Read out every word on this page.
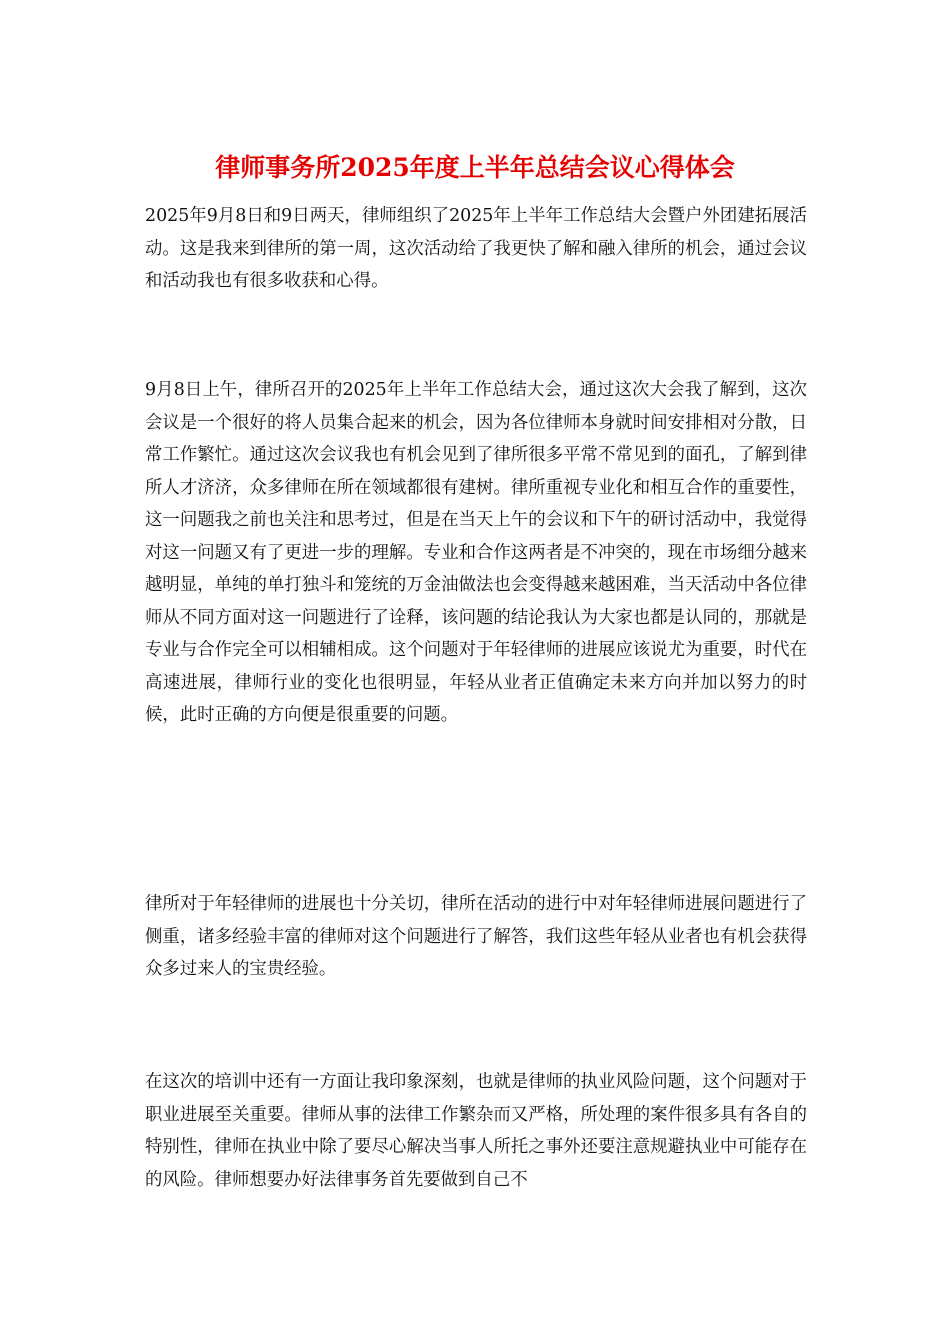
律师事务所2025年度上半年总结会议心得体会

2025年9月8日和9日两天，律师组织了2025年上半年工作总结大会暨户外团建拓展活动。这是我来到律所的第一周，这次活动给了我更快了解和融入律所的机会，通过会议和活动我也有很多收获和心得。

9月8日上午，律所召开的2025年上半年工作总结大会，通过这次大会我了解到，这次会议是一个很好的将人员集合起来的机会，因为各位律师本身就时间安排相对分散，日常工作繁忙。通过这次会议我也有机会见到了律所很多平常不常见到的面孔，了解到律所人才济济，众多律师在所在领域都很有建树。律所重视专业化和相互合作的重要性，这一问题我之前也关注和思考过，但是在当天上午的会议和下午的研讨活动中，我觉得对这一问题又有了更进一步的理解。专业和合作这两者是不冲突的，现在市场细分越来越明显，单纯的单打独斗和笼统的万金油做法也会变得越来越困难，当天活动中各位律师从不同方面对这一问题进行了诠释，该问题的结论我认为大家也都是认同的，那就是专业与合作完全可以相辅相成。这个问题对于年轻律师的进展应该说尤为重要，时代在高速进展，律师行业的变化也很明显，年轻从业者正值确定未来方向并加以努力的时候，此时正确的方向便是很重要的问题。

律所对于年轻律师的进展也十分关切，律所在活动的进行中对年轻律师进展问题进行了侧重，诸多经验丰富的律师对这个问题进行了解答，我们这些年轻从业者也有机会获得众多过来人的宝贵经验。

在这次的培训中还有一方面让我印象深刻，也就是律师的执业风险问题，这个问题对于职业进展至关重要。律师从事的法律工作繁杂而又严格，所处理的案件很多具有各自的特别性，律师在执业中除了要尽心解决当事人所托之事外还要注意规避执业中可能存在的风险。律师想要办好法律事务首先要做到自己不
